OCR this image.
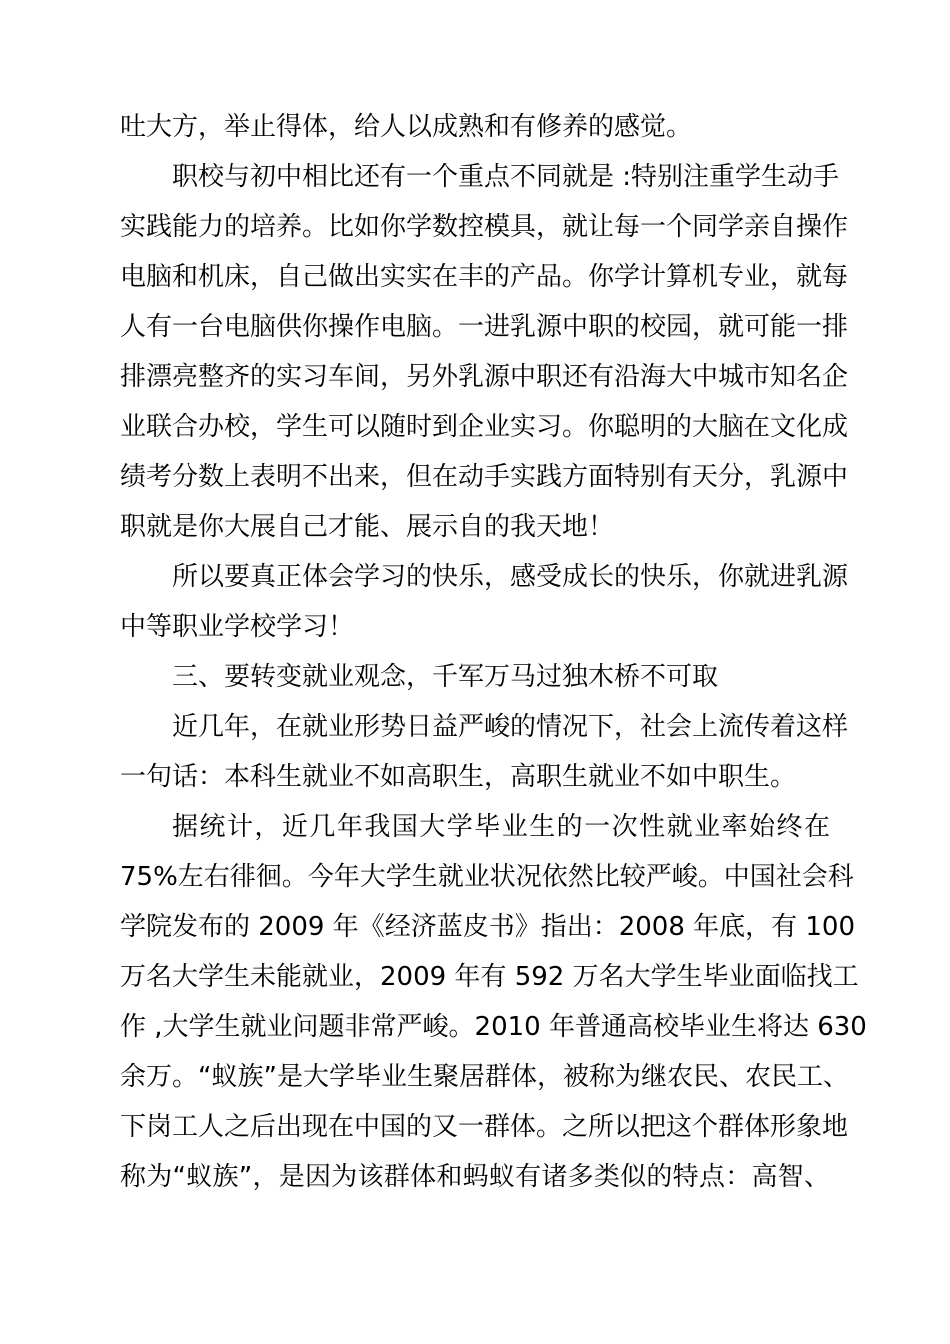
吐大方，举止得体，给人以成熟和有修养的感觉。
职校与初中相比还有一个重点不同就是 :特别注重学生动手
实践能力的培养。比如你学数控模具，就让每一个同学亲自操作
电脑和机床，自己做出实实在丰的产品。你学计算机专业，就每
人有一台电脑供你操作电脑。一进乳源中职的校园，就可能一排
排漂亮整齐的实习车间，另外乳源中职还有沿海大中城市知名企
业联合办校，学生可以随时到企业实习。你聪明的大脑在文化成
绩考分数上表明不出来，但在动手实践方面特别有天分，乳源中
职就是你大展自己才能、展示自的我天地！
所以要真正体会学习的快乐，感受成长的快乐，你就进乳源
中等职业学校学习！
三、要转变就业观念，千军万马过独木桥不可取
近几年，在就业形势日益严峻的情况下，社会上流传着这样
一句话：本科生就业不如高职生，高职生就业不如中职生。
据统计，近几年我国大学毕业生的一次性就业率始终在
75%左右徘徊。今年大学生就业状况依然比较严峻。中国社会科
学院发布的 2009 年《经济蓝皮书》指出：2008 年底，有 100
万名大学生未能就业，2009 年有 592 万名大学生毕业面临找工
作 ,大学生就业问题非常严峻。2010 年普通高校毕业生将达 630
余万。“蚁族”是大学毕业生聚居群体，被称为继农民、农民工、
下岗工人之后出现在中国的又一群体。之所以把这个群体形象地
称为“蚁族”，是因为该群体和蚂蚁有诸多类似的特点：高智、
